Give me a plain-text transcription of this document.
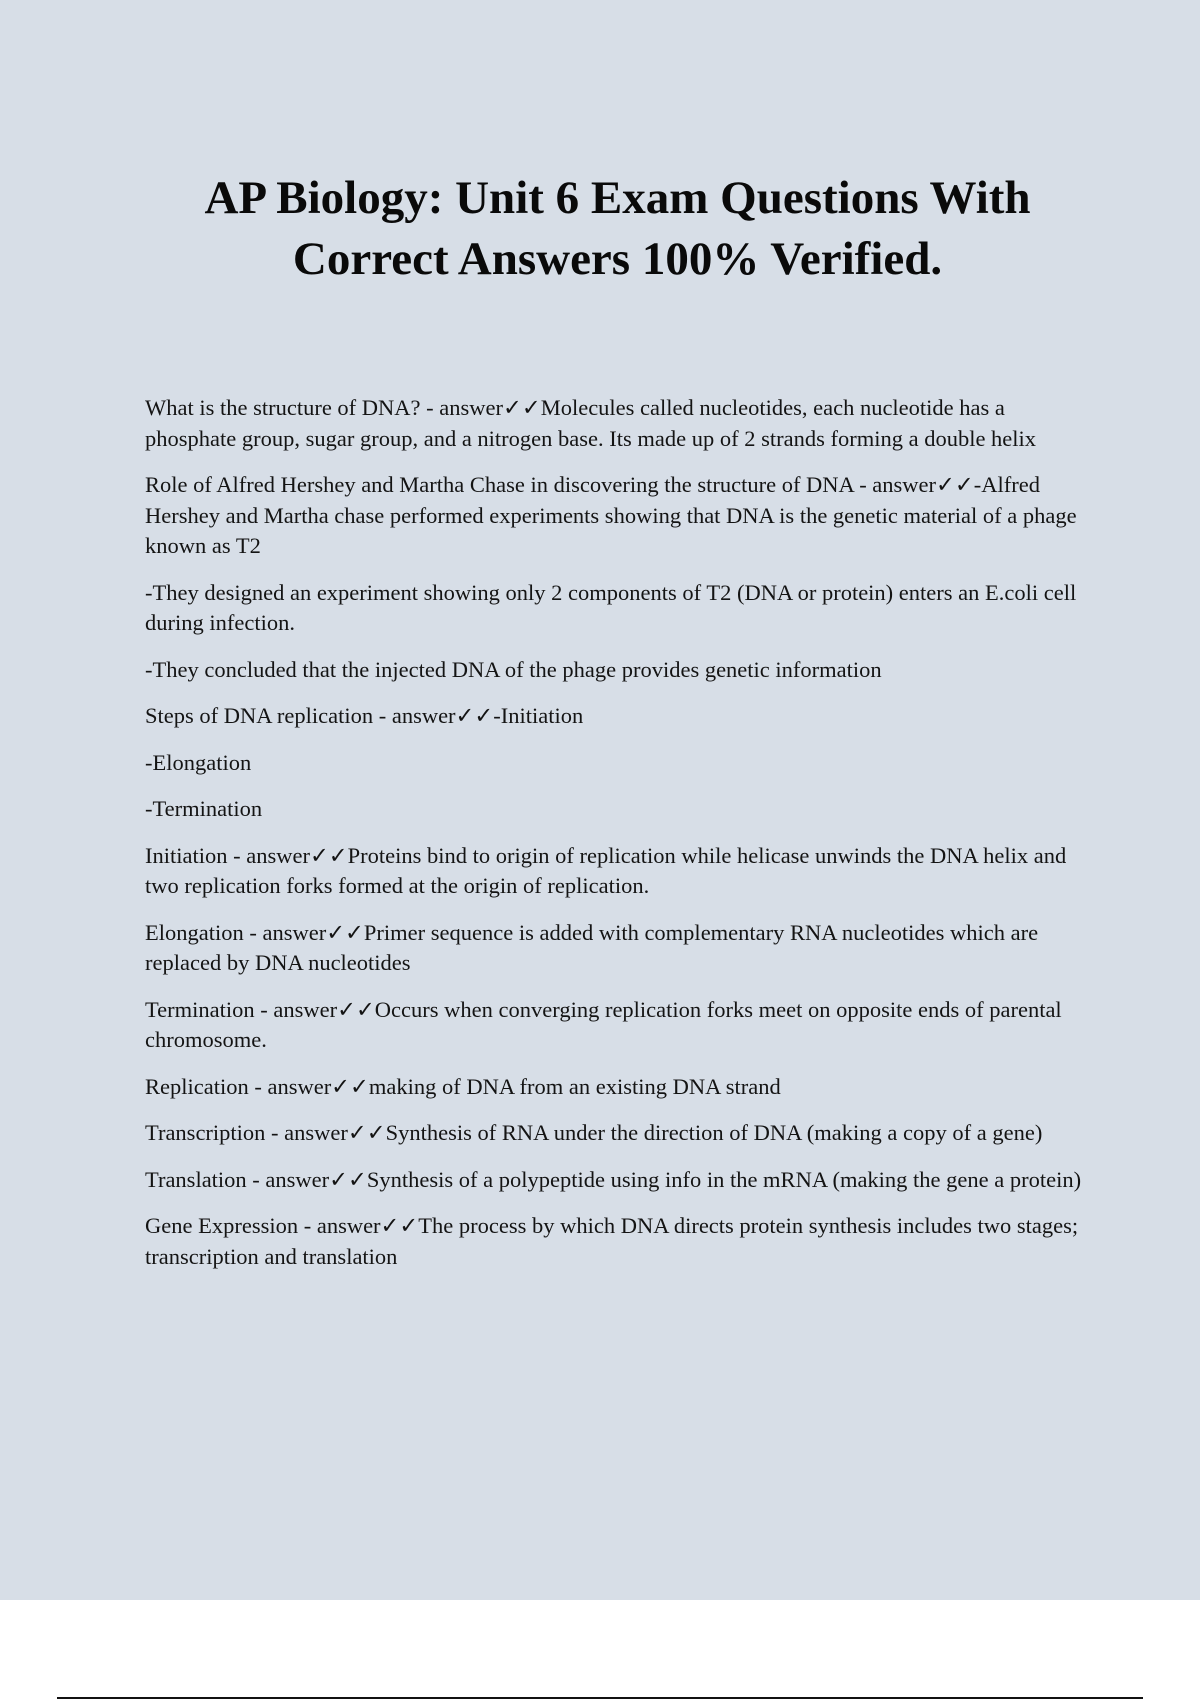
AP Biology: Unit 6 Exam Questions With Correct Answers 100% Verified.

What is the structure of DNA? - answer✓✓Molecules called nucleotides, each nucleotide has a phosphate group, sugar group, and a nitrogen base. Its made up of 2 strands forming a double helix

Role of Alfred Hershey and Martha Chase in discovering the structure of DNA - answer✓✓-Alfred Hershey and Martha chase performed experiments showing that DNA is the genetic material of a phage known as T2

-They designed an experiment showing only 2 components of T2 (DNA or protein) enters an E.coli cell during infection.

-They concluded that the injected DNA of the phage provides genetic information

Steps of DNA replication - answer✓✓-Initiation

-Elongation

-Termination

Initiation - answer✓✓Proteins bind to origin of replication while helicase unwinds the DNA helix and two replication forks formed at the origin of replication.

Elongation - answer✓✓Primer sequence is added with complementary RNA nucleotides which are replaced by DNA nucleotides

Termination - answer✓✓Occurs when converging replication forks meet on opposite ends of parental chromosome.

Replication - answer✓✓making of DNA from an existing DNA strand

Transcription - answer✓✓Synthesis of RNA under the direction of DNA (making a copy of a gene)

Translation - answer✓✓Synthesis of a polypeptide using info in the mRNA (making the gene a protein)

Gene Expression - answer✓✓The process by which DNA directs protein synthesis includes two stages; transcription and translation
